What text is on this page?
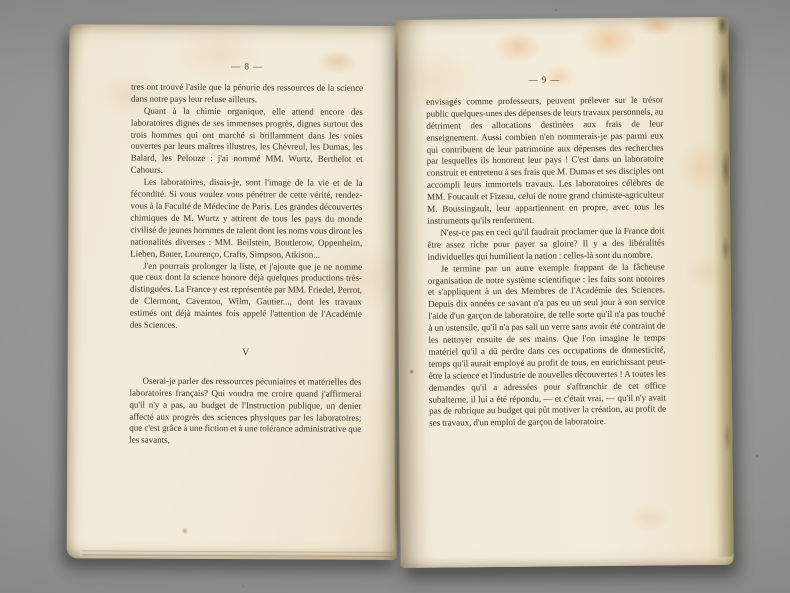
— 8 —

tres ont trouvé l'asile que la pénurie des ressources de la science dans notre pays leur refuse ailleurs.

Quant à la chimie organique, elle attend encore des laboratoires dignes de ses immenses progrès, dignes surtout des trois hommes qui ont marché si brillamment dans les voies ouvertes par leurs maîtres illustres, les Chévreul, les Dumas, les Balard, les Pelouze : j'ai nommé MM. Wurtz, Berthelot et Cahours.

Les laboratoires, disais-je, sont l'image de la vie et de la fécondité. Si vous voulez vous pénétrer de cette vérité, rendez-vous à la Faculté de Médecine de Paris. Les grandes découvertes chimiques de M. Wurtz y attirent de tous les pays du monde civilisé de jeunes hommes de talent dont les noms vous diront les nationalités diverses : MM. Beilstein, Boutlerow, Oppenheim, Lieben, Bauer, Lourenço, Crafts, Simpson, Atkison...

J'en pourrais prolonger la liste, et j'ajoute que je ne nomme que ceux dont la science honore déjà quelques productions très-distinguées. La France y est représentée par MM. Friedel, Perrot, de Clermont, Caventou, Wilm, Gautier..., dont les travaux estimés ont déjà maintes fois appelé l'attention de l'Académie des Sciences.

V

Oserai-je parler des ressources pécuniaires et matérielles des laboratoires français? Qui voudra me croire quand j'affirmerai qu'il n'y a pas, au budget de l'Instruction publique, un denier affecté aux progrès des sciences physiques par les laboratoires; que c'est grâce à une fiction et à une tolérance administrative que les savants,

— 9 —

envisagés comme professeurs, peuvent prélever sur le trésor public quelques-unes des dépenses de leurs travaux personnels, au détriment des allocations destinées aux frais de leur enseignement. Aussi combien n'en nommerais-je pas parmi eux qui contribuent de leur patrimoine aux dépenses des recherches par lesquelles ils honorent leur pays ! C'est dans un laboratoire construit et entretenu à ses frais que M. Dumas et ses disciples ont accompli leurs immortels travaux. Les laboratoires célèbres de MM. Foucault et Fizeau, celui de notre grand chimiste-agriculteur M. Boussingault, leur appartiennent en propre, avec tous les instruments qu'ils renferment.

N'est-ce pas en ceci qu'il faudrait proclamer que la France doit être assez riche pour payer sa gloire? Il y a des libéralités individuelles qui humilient la nation : celles-là sont du nombre.

Je termine par un autre exemple frappant de la fâcheuse organisation de notre système scientifique : les faits sont notoires et s'appliquent à un des Membres de l'Académie des Sciences. Depuis dix années ce savant n'a pas eu un seul jour à son service l'aide d'un garçon de laboratoire, de telle sorte qu'il n'a pas touché à un ustensile, qu'il n'a pas sali un verre sans avoir été contraint de les nettoyer ensuite de ses mains. Que l'on imagine le temps matériel qu'il a dû perdre dans ces occupations de domesticité, temps qu'il aurait employé au profit de tous, en enrichissant peut-être la science et l'industrie de nouvelles découvertes ! A toutes les demandes qu'il a adressées pour s'affranchir de cet office subalterne, il lui a été répondu, — et c'était vrai, — qu'il n'y avait pas de rubrique au budget qui pût motiver la création, au profit de ses travaux, d'un emploi de garçon de laboratoire.
